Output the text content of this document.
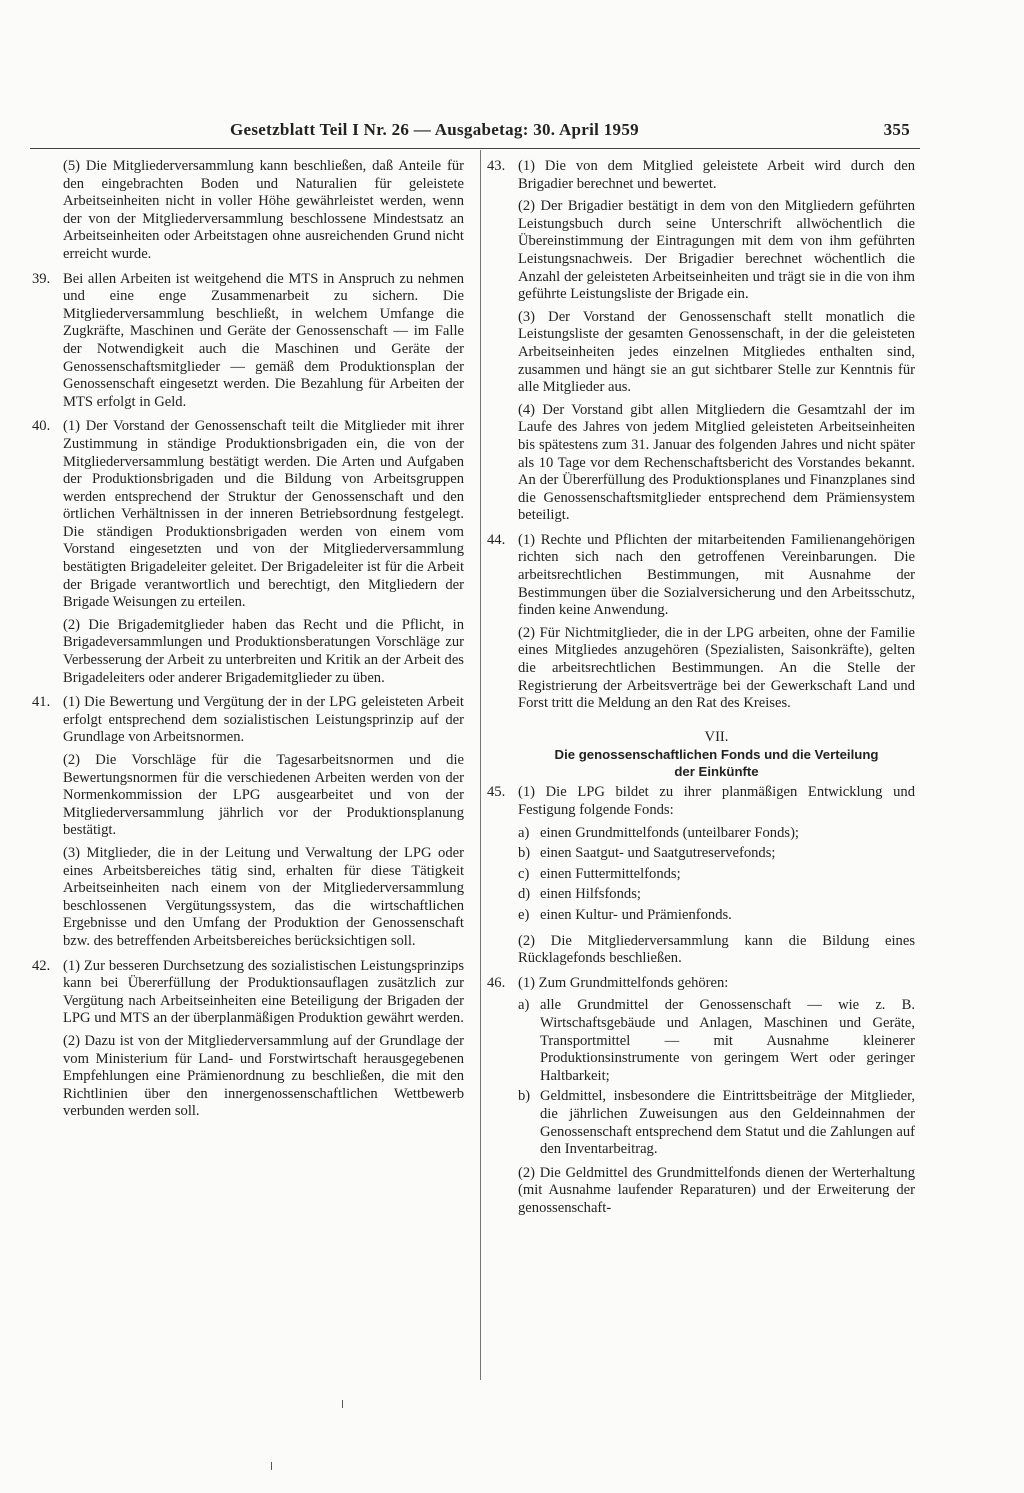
Gesetzblatt Teil I Nr. 26 — Ausgabetag: 30. April 1959	355

(5) Die Mitgliederversammlung kann beschließen, daß Anteile für den eingebrachten Boden und Naturalien für geleistete Arbeitseinheiten nicht in voller Höhe gewährleistet werden, wenn der von der Mitgliederversammlung beschlossene Mindestsatz an Arbeitseinheiten oder Arbeitstagen ohne ausreichenden Grund nicht erreicht wurde.

39. Bei allen Arbeiten ist weitgehend die MTS in Anspruch zu nehmen und eine enge Zusammenarbeit zu sichern. Die Mitgliederversammlung beschließt, in welchem Umfange die Zugkräfte, Maschinen und Geräte der Genossenschaft — im Falle der Notwendigkeit auch die Maschinen und Geräte der Genossenschaftsmitglieder — gemäß dem Produktionsplan der Genossenschaft eingesetzt werden. Die Bezahlung für Arbeiten der MTS erfolgt in Geld.

40. (1) Der Vorstand der Genossenschaft teilt die Mitglieder mit ihrer Zustimmung in ständige Produktionsbrigaden ein, die von der Mitgliederversammlung bestätigt werden. Die Arten und Aufgaben der Produktionsbrigaden und die Bildung von Arbeitsgruppen werden entsprechend der Struktur der Genossenschaft und den örtlichen Verhältnissen in der inneren Betriebsordnung festgelegt. Die ständigen Produktionsbrigaden werden von einem vom Vorstand eingesetzten und von der Mitgliederversammlung bestätigten Brigadeleiter geleitet. Der Brigadeleiter ist für die Arbeit der Brigade verantwortlich und berechtigt, den Mitgliedern der Brigade Weisungen zu erteilen.

(2) Die Brigademitglieder haben das Recht und die Pflicht, in Brigadeversammlungen und Produktionsberatungen Vorschläge zur Verbesserung der Arbeit zu unterbreiten und Kritik an der Arbeit des Brigadeleiters oder anderer Brigademitglieder zu üben.

41. (1) Die Bewertung und Vergütung der in der LPG geleisteten Arbeit erfolgt entsprechend dem sozialistischen Leistungsprinzip auf der Grundlage von Arbeitsnormen.

(2) Die Vorschläge für die Tagesarbeitsnormen und die Bewertungsnormen für die verschiedenen Arbeiten werden von der Normenkommission der LPG ausgearbeitet und von der Mitgliederversammlung jährlich vor der Produktionsplanung bestätigt.

(3) Mitglieder, die in der Leitung und Verwaltung der LPG oder eines Arbeitsbereiches tätig sind, erhalten für diese Tätigkeit Arbeitseinheiten nach einem von der Mitgliederversammlung beschlossenen Vergütungssystem, das die wirtschaftlichen Ergebnisse und den Umfang der Produktion der Genossenschaft bzw. des betreffenden Arbeitsbereiches berücksichtigen soll.

42. (1) Zur besseren Durchsetzung des sozialistischen Leistungsprinzips kann bei Übererfüllung der Produktionsauflagen zusätzlich zur Vergütung nach Arbeitseinheiten eine Beteiligung der Brigaden der LPG und MTS an der überplanmäßigen Produktion gewährt werden.

(2) Dazu ist von der Mitgliederversammlung auf der Grundlage der vom Ministerium für Land- und Forstwirtschaft herausgegebenen Empfehlungen eine Prämienordnung zu beschließen, die mit den Richtlinien über den innergenossenschaftlichen Wettbewerb verbunden werden soll.

43. (1) Die von dem Mitglied geleistete Arbeit wird durch den Brigadier berechnet und bewertet.

(2) Der Brigadier bestätigt in dem von den Mitgliedern geführten Leistungsbuch durch seine Unterschrift allwöchentlich die Übereinstimmung der Eintragungen mit dem von ihm geführten Leistungsnachweis. Der Brigadier berechnet wöchentlich die Anzahl der geleisteten Arbeitseinheiten und trägt sie in die von ihm geführte Leistungsliste der Brigade ein.

(3) Der Vorstand der Genossenschaft stellt monatlich die Leistungsliste der gesamten Genossenschaft, in der die geleisteten Arbeitseinheiten jedes einzelnen Mitgliedes enthalten sind, zusammen und hängt sie an gut sichtbarer Stelle zur Kenntnis für alle Mitglieder aus.

(4) Der Vorstand gibt allen Mitgliedern die Gesamtzahl der im Laufe des Jahres von jedem Mitglied geleisteten Arbeitseinheiten bis spätestens zum 31. Januar des folgenden Jahres und nicht später als 10 Tage vor dem Rechenschaftsbericht des Vorstandes bekannt. An der Übererfüllung des Produktionsplanes und Finanzplanes sind die Genossenschaftsmitglieder entsprechend dem Prämiensystem beteiligt.

44. (1) Rechte und Pflichten der mitarbeitenden Familienangehörigen richten sich nach den getroffenen Vereinbarungen. Die arbeitsrechtlichen Bestimmungen, mit Ausnahme der Bestimmungen über die Sozialversicherung und den Arbeitsschutz, finden keine Anwendung.

(2) Für Nichtmitglieder, die in der LPG arbeiten, ohne der Familie eines Mitgliedes anzugehören (Spezialisten, Saisonkräfte), gelten die arbeitsrechtlichen Bestimmungen. An die Stelle der Registrierung der Arbeitsverträge bei der Gewerkschaft Land und Forst tritt die Meldung an den Rat des Kreises.

VII.
Die genossenschaftlichen Fonds und die Verteilung
der Einkünfte
45. (1) Die LPG bildet zu ihrer planmäßigen Entwicklung und Festigung folgende Fonds:

a) einen Grundmittelfonds (unteilbarer Fonds);
b) einen Saatgut- und Saatgutreservefonds;
c) einen Futtermittelfonds;
d) einen Hilfsfonds;
e) einen Kultur- und Prämienfonds.

(2) Die Mitgliederversammlung kann die Bildung eines Rücklagefonds beschließen.

46. (1) Zum Grundmittelfonds gehören:

a) alle Grundmittel der Genossenschaft — wie z. B. Wirtschaftsgebäude und Anlagen, Maschinen und Geräte, Transportmittel — mit Ausnahme kleinerer Produktionsinstrumente von geringem Wert oder geringer Haltbarkeit;
b) Geldmittel, insbesondere die Eintrittsbeiträge der Mitglieder, die jährlichen Zuweisungen aus den Geldeinnahmen der Genossenschaft entsprechend dem Statut und die Zahlungen auf den Inventarbeitrag.

(2) Die Geldmittel des Grundmittelfonds dienen der Werterhaltung (mit Ausnahme laufender Reparaturen) und der Erweiterung der genossenschaft-
